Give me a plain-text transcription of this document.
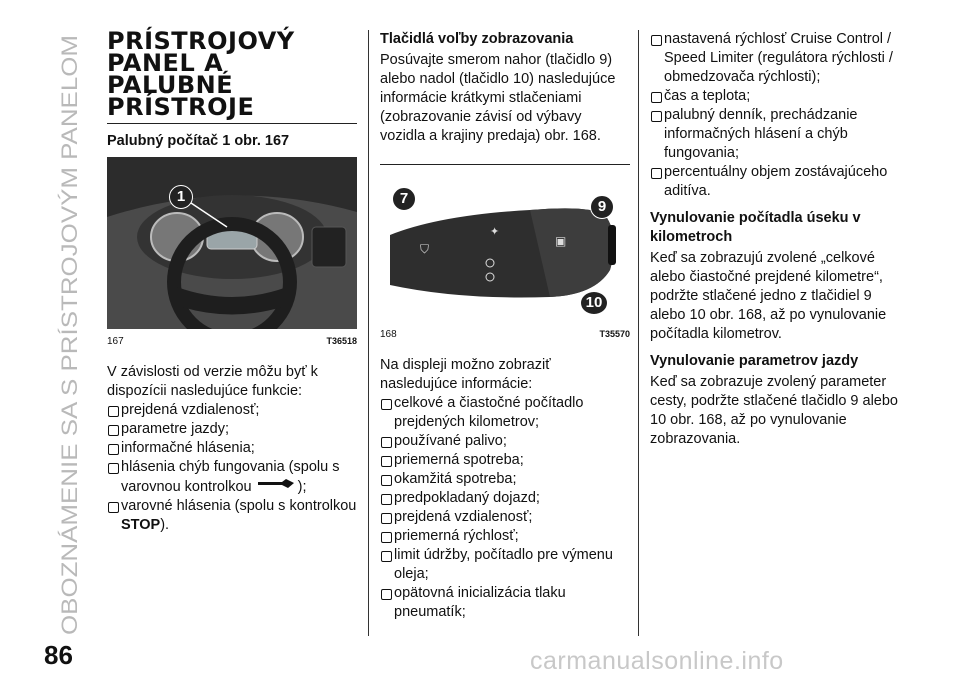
OBOZNÁMENIE SA S PRÍSTROJOVÝM PANELOM
86	carmanualsonline.info
PRÍSTROJOVÝ
PANEL A PALUBNÉ
PRÍSTROJE

Palubný počítač 1 obr. 167

1
167	T36518

V závislosti od verzie môžu byť k dispozícii nasledujúce funkcie:

prejdená vzdialenosť;
parametre jazdy;
informačné hlásenia;
hlásenia chýb fungovania (spolu s varovnou kontrolkou	);
varovné hlásenia (spolu s kontrolkou STOP).

Tlačidlá voľby zobrazovania

Posúvajte smerom nahor (tlačidlo 9) alebo nadol (tlačidlo 10) nasledujúce informácie krátkymi stlačeniami (zobrazovanie závisí od výbavy vozidla a krajiny predaja) obr. 168.

⛉
✦
▣
7	9
10
168	T35570

Na displeji možno zobraziť nasledujúce informácie:

celkové a čiastočné počítadlo prejdených kilometrov;
používané palivo;
priemerná spotreba;
okamžitá spotreba;
predpokladaný dojazd;
prejdená vzdialenosť;
priemerná rýchlosť;
limit údržby, počítadlo pre výmenu oleja;
opätovná inicializácia tlaku pneumatík;
nastavená rýchlosť Cruise Control / Speed Limiter (regulátora rýchlosti / obmedzovača rýchlosti);
čas a teplota;
palubný denník, prechádzanie informačných hlásení a chýb fungovania;
percentuálny objem zostávajúceho aditíva.

Vynulovanie počítadla úseku v kilometroch

Keď sa zobrazujú zvolené „celkové alebo čiastočné prejdené kilometre“, podržte stlačené jedno z tlačidiel 9 alebo 10 obr. 168, až po vynulovanie počítadla kilometrov.

Vynulovanie parametrov jazdy

Keď sa zobrazuje zvolený parameter cesty, podržte stlačené tlačidlo 9 alebo 10 obr. 168, až po vynulovanie zobrazovania.
